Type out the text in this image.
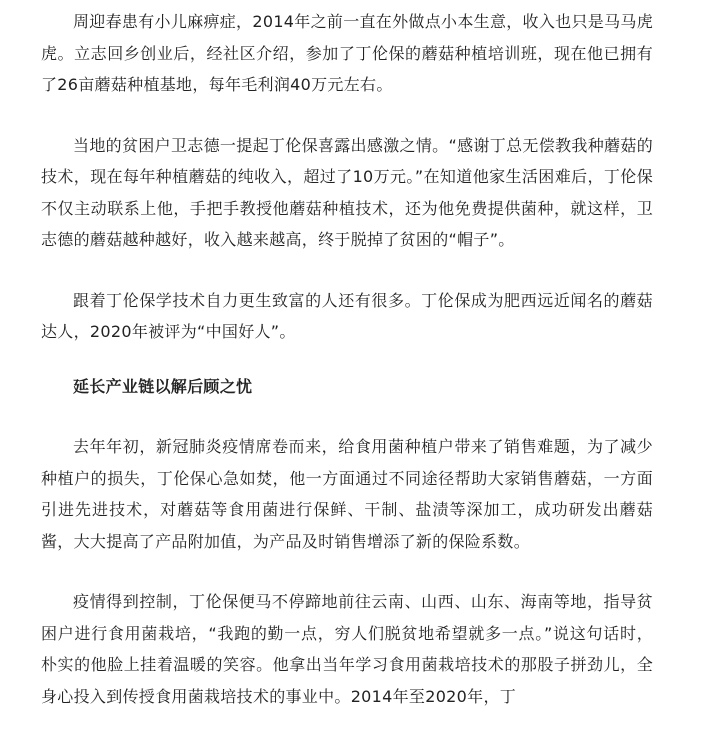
周迎春患有小儿麻痹症，2014年之前一直在外做点小本生意，收入也只是马马虎虎。立志回乡创业后，经社区介绍，参加了丁伦保的蘑菇种植培训班，现在他已拥有了26亩蘑菇种植基地，每年毛利润40万元左右。

当地的贫困户卫志德一提起丁伦保喜露出感激之情。“感谢丁总无偿教我种蘑菇的技术，现在每年种植蘑菇的纯收入，超过了10万元。”在知道他家生活困难后，丁伦保不仅主动联系上他，手把手教授他蘑菇种植技术，还为他免费提供菌种，就这样，卫志德的蘑菇越种越好，收入越来越高，终于脱掉了贫困的“帽子”。

跟着丁伦保学技术自力更生致富的人还有很多。丁伦保成为肥西远近闻名的蘑菇达人，2020年被评为“中国好人”。

延长产业链以解后顾之忧

去年年初，新冠肺炎疫情席卷而来，给食用菌种植户带来了销售难题，为了减少种植户的损失，丁伦保心急如焚，他一方面通过不同途径帮助大家销售蘑菇，一方面引进先进技术，对蘑菇等食用菌进行保鲜、干制、盐渍等深加工，成功研发出蘑菇酱，大大提高了产品附加值，为产品及时销售增添了新的保险系数。

疫情得到控制，丁伦保便马不停蹄地前往云南、山西、山东、海南等地，指导贫困户进行食用菌栽培，“我跑的勤一点，穷人们脱贫地希望就多一点。”说这句话时，朴实的他脸上挂着温暖的笑容。他拿出当年学习食用菌栽培技术的那股子拼劲儿，全身心投入到传授食用菌栽培技术的事业中。2014年至2020年，丁
